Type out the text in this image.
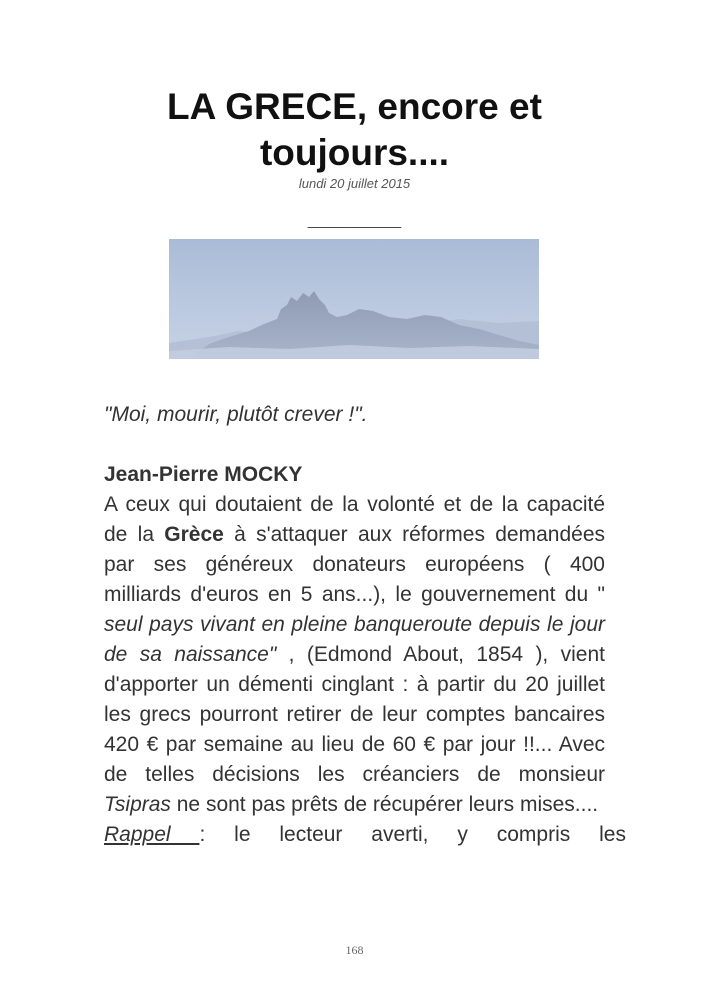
LA GRECE, encore et
toujours....
lundi 20 juillet 2015
____________

"Moi, mourir, plutôt crever !".

Jean-Pierre MOCKY

A ceux qui doutaient de la volonté et de la capacité de la Grèce à s'attaquer aux réformes demandées par ses généreux donateurs européens ( 400 milliards d'euros en 5 ans...), le gouvernement du " seul pays vivant en pleine banqueroute depuis le jour de sa naissance" , (Edmond About, 1854 ), vient d'apporter un démenti cinglant : à partir du 20 juillet les grecs pourront retirer de leur comptes bancaires 420 € par semaine au lieu de 60 € par jour !!... Avec de telles décisions les créanciers de monsieur Tsipras ne sont pas prêts de récupérer leurs mises....

Rappel : le lecteur averti, y compris les

168
